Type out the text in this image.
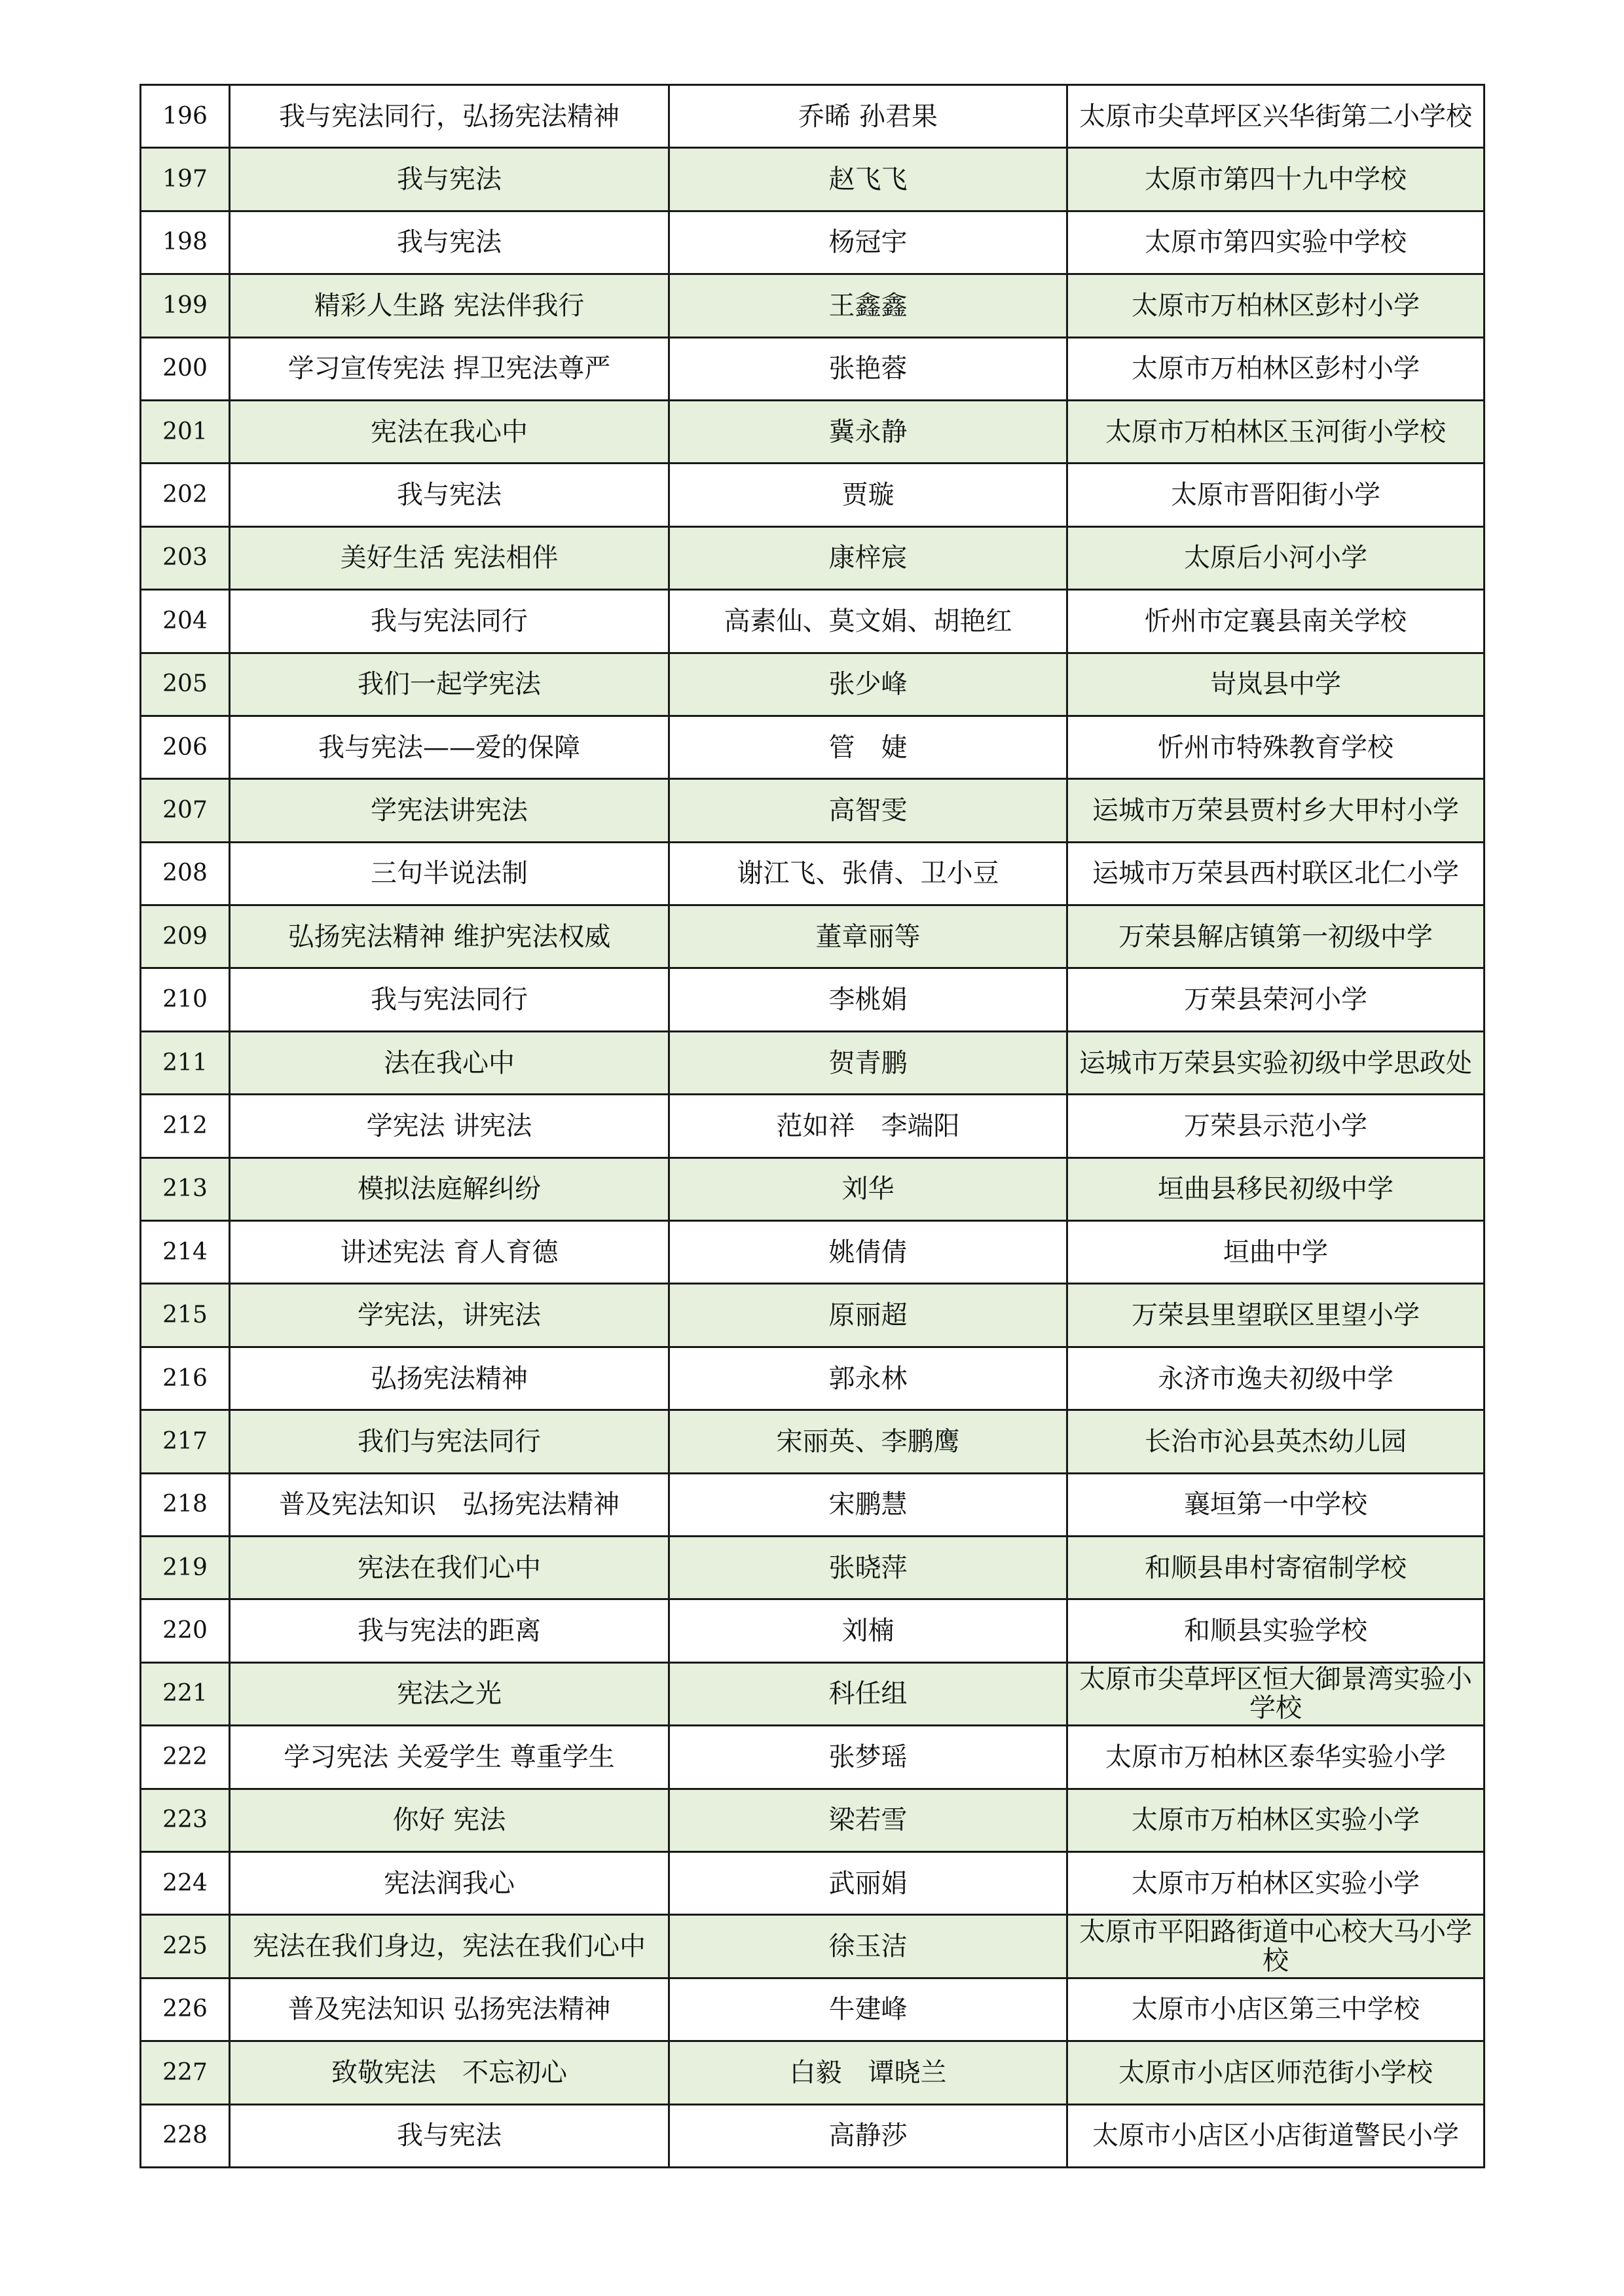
196	我与宪法同行，弘扬宪法精神	乔晞 孙君果	太原市尖草坪区兴华街第二小学校
197	我与宪法	赵飞飞	太原市第四十九中学校
198	我与宪法	杨冠宇	太原市第四实验中学校
199	精彩人生路 宪法伴我行	王鑫鑫	太原市万柏林区彭村小学
200	学习宣传宪法 捍卫宪法尊严	张艳蓉	太原市万柏林区彭村小学
201	宪法在我心中	冀永静	太原市万柏林区玉河街小学校
202	我与宪法	贾璇	太原市晋阳街小学
203	美好生活 宪法相伴	康梓宸	太原后小河小学
204	我与宪法同行	高素仙、莫文娟、胡艳红	忻州市定襄县南关学校
205	我们一起学宪法	张少峰	岢岚县中学
206	我与宪法——爱的保障	管　婕	忻州市特殊教育学校
207	学宪法讲宪法	高智雯	运城市万荣县贾村乡大甲村小学
208	三句半说法制	谢江飞、张倩、卫小豆	运城市万荣县西村联区北仁小学
209	弘扬宪法精神 维护宪法权威	董章丽等	万荣县解店镇第一初级中学
210	我与宪法同行	李桃娟	万荣县荣河小学
211	法在我心中	贺青鹏	运城市万荣县实验初级中学思政处
212	学宪法 讲宪法	范如祥　李端阳	万荣县示范小学
213	模拟法庭解纠纷	刘华	垣曲县移民初级中学
214	讲述宪法 育人育德	姚倩倩	垣曲中学
215	学宪法，讲宪法	原丽超	万荣县里望联区里望小学
216	弘扬宪法精神	郭永林	永济市逸夫初级中学
217	我们与宪法同行	宋丽英、李鹏鹰	长治市沁县英杰幼儿园
218	普及宪法知识　弘扬宪法精神	宋鹏慧	襄垣第一中学校
219	宪法在我们心中	张晓萍	和顺县串村寄宿制学校
220	我与宪法的距离	刘楠	和顺县实验学校
221	宪法之光	科任组	太原市尖草坪区恒大御景湾实验小学校
222	学习宪法 关爱学生 尊重学生	张梦瑶	太原市万柏林区泰华实验小学
223	你好 宪法	梁若雪	太原市万柏林区实验小学
224	宪法润我心	武丽娟	太原市万柏林区实验小学
225	宪法在我们身边，宪法在我们心中	徐玉洁	太原市平阳路街道中心校大马小学校
226	普及宪法知识 弘扬宪法精神	牛建峰	太原市小店区第三中学校
227	致敬宪法　不忘初心	白毅　谭晓兰	太原市小店区师范街小学校
228	我与宪法	高静莎	太原市小店区小店街道警民小学
